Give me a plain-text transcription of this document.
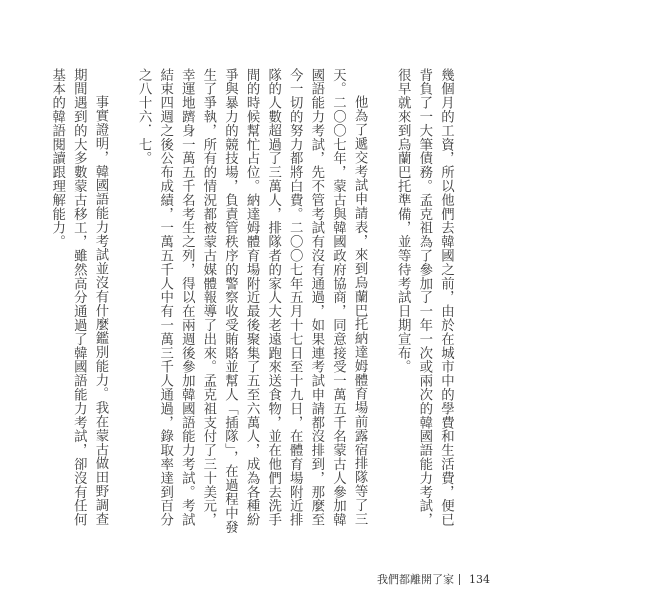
幾個月的工資，所以他們去韓國之前，由於在城市中的學費和生活費，便已背負了一大筆債務。孟克祖為了參加了一年一次或兩次的韓國語能力考試，很早就來到烏蘭巴托準備，並等待考試日期宣布。

他為了遞交考試申請表，來到烏蘭巴托納達姆體育場前露宿排隊等了三天。二〇〇七年，蒙古與韓國政府協商，同意接受一萬五千名蒙古人參加韓國語能力考試，先不管考試有沒有通過，如果連考試申請都沒排到，那麼至今一切的努力都將白費。二〇〇七年五月十七日至十九日，在體育場附近排隊的人數超過了三萬人，排隊者的家人大老遠跑來送食物，並在他們去洗手間的時候幫忙占位。納達姆體育場附近最後聚集了五至六萬人，成為各種紛爭與暴力的競技場，負責管秩序的警察收受賄賂並幫人「插隊」，在過程中發生了爭執，所有的情況都被蒙古媒體報導了出來。孟克祖支付了三十美元，幸運地躋身一萬五千名考生之列，得以在兩週後參加韓國語能力考試。考試結束四週之後公布成績，一萬五千人中有一萬三千人通過，錄取率達到百分之八十六．七。

事實證明，韓國語能力考試並沒有什麼鑑別能力。我在蒙古做田野調查期間遇到的大多數蒙古移工，雖然高分通過了韓國語能力考試，卻沒有任何基本的韓語閱讀跟理解能力。

我們都離開了家 134
